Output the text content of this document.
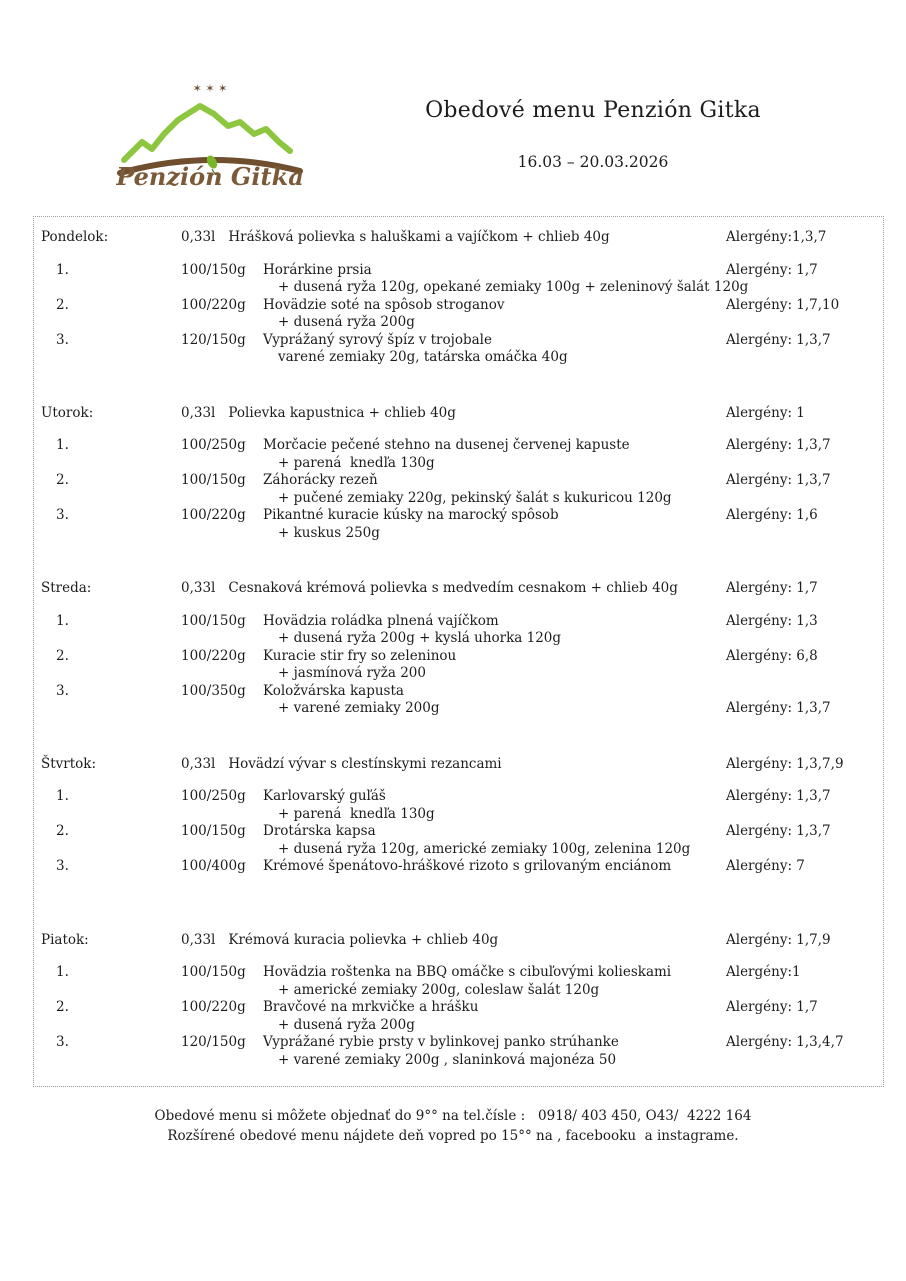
✶ ✶ ✶
Penzión Gitka
Obedové menu Penzión Gitka
16.03 – 20.03.2026
Pondelok:	0,33l Hrášková polievka s haluškami a vajíčkom + chlieb 40g	Alergény:1,3,7
1.	100/150g Horárkine prsia	Alergény: 1,7
+ dusená ryža 120g, opekané zemiaky 100g + zeleninový šalát 120g
2.	100/220g Hovädzie soté na spôsob stroganov	Alergény: 1,7,10
+ dusená ryža 200g
3.	120/150g Vyprážaný syrový špíz v trojobale	Alergény: 1,3,7
varené zemiaky 20g, tatárska omáčka 40g
Utorok:	0,33l Polievka kapustnica + chlieb 40g	Alergény: 1
1.	100/250g Morčacie pečené stehno na dusenej červenej kapuste	Alergény: 1,3,7
+ parená  knedľa 130g
2.	100/150g Záhorácky rezeň	Alergény: 1,3,7
+ pučené zemiaky 220g, pekinský šalát s kukuricou 120g
3.	100/220g Pikantné kuracie kúsky na marocký spôsob	Alergény: 1,6
+ kuskus 250g
Streda:	0,33l Cesnaková krémová polievka s medvedím cesnakom + chlieb 40g	Alergény: 1,7
1.	100/150g Hovädzia roládka plnená vajíčkom	Alergény: 1,3
+ dusená ryža 200g + kyslá uhorka 120g
2.	100/220g Kuracie stir fry so zeleninou	Alergény: 6,8
+ jasmínová ryža 200
3.	100/350g Koložvárska kapusta
+ varené zemiaky 200g	Alergény: 1,3,7
Štvrtok:	0,33l Hovädzí vývar s clestínskymi rezancami	Alergény: 1,3,7,9
1.	100/250g Karlovarský guľáš	Alergény: 1,3,7
+ parená  knedľa 130g
2.	100/150g Drotárska kapsa	Alergény: 1,3,7
+ dusená ryža 120g, americké zemiaky 100g, zelenina 120g
3.	100/400g Krémové špenátovo-hráškové rizoto s grilovaným enciánom	Alergény: 7
Piatok:	0,33l Krémová kuracia polievka + chlieb 40g	Alergény: 1,7,9
1.	100/150g Hovädzia roštenka na BBQ omáčke s cibuľovými kolieskami	Alergény:1
+ americké zemiaky 200g, coleslaw šalát 120g
2.	100/220g Bravčové na mrkvičke a hrášku	Alergény: 1,7
+ dusená ryža 200g
3.	120/150g Vyprážané rybie prsty v bylinkovej panko strúhanke	Alergény: 1,3,4,7
+ varené zemiaky 200g , slaninková majonéza 50

Obedové menu si môžete objednať do 9°° na tel.čísle :   0918/ 403 450, O43/  4222 164

Rozšírené obedové menu nájdete deň vopred po 15°° na , facebooku  a instagrame.
